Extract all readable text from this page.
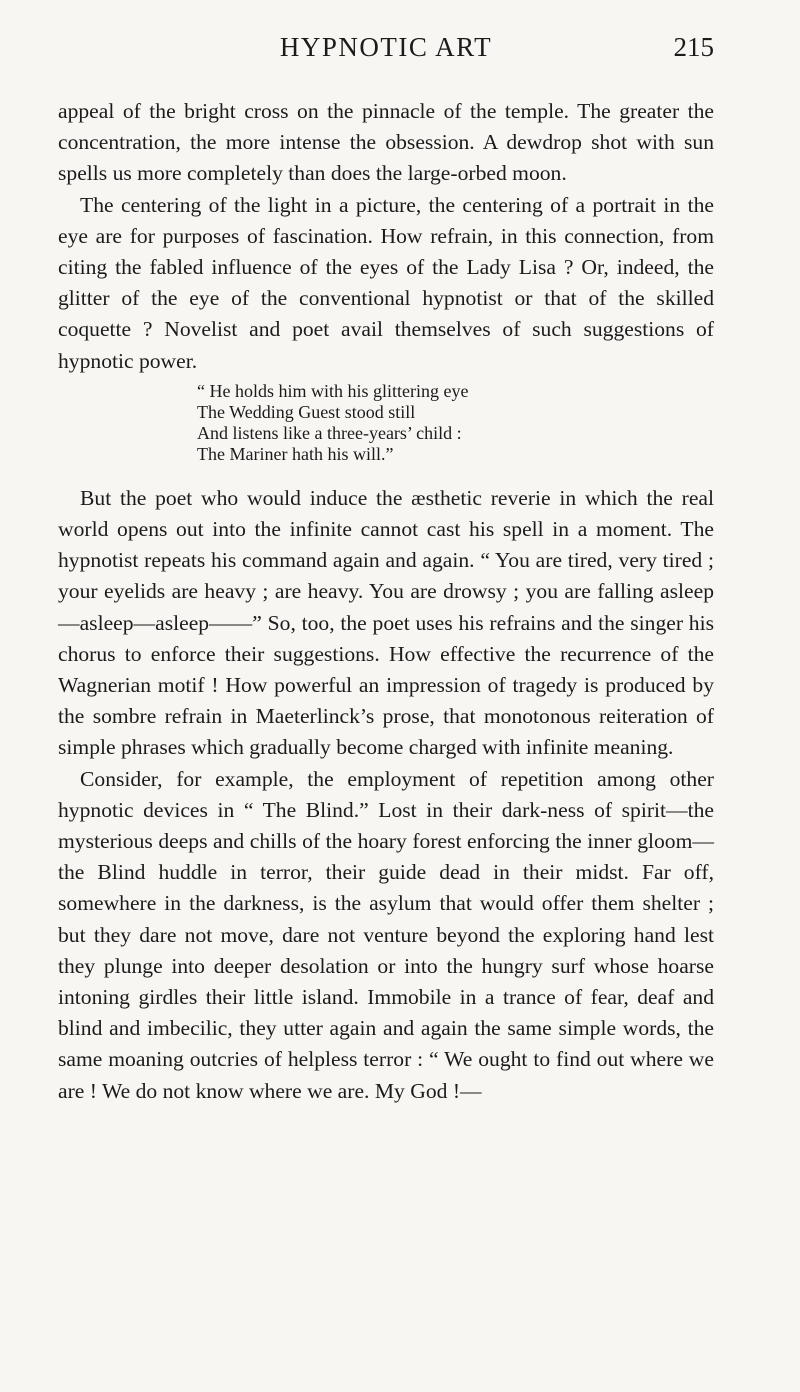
HYPNOTIC ART	215

appeal of the bright cross on the pinnacle of the temple. The greater the concentration, the more intense the obsession. A dewdrop shot with sun spells us more completely than does the large-orbed moon.

The centering of the light in a picture, the centering of a portrait in the eye are for purposes of fascination. How refrain, in this connection, from citing the fabled influence of the eyes of the Lady Lisa ? Or, indeed, the glitter of the eye of the conventional hypnotist or that of the skilled coquette ? Novelist and poet avail themselves of such suggestions of hypnotic power.

“ He holds him with his glittering eye
The Wedding Guest stood still
And listens like a three-years’ child :
The Mariner hath his will.”

But the poet who would induce the æsthetic reverie in which the real world opens out into the infinite cannot cast his spell in a moment. The hypnotist repeats his command again and again. “ You are tired, very tired ; your eyelids are heavy ; are heavy. You are drowsy ; you are falling asleep—asleep—asleep——” So, too, the poet uses his refrains and the singer his chorus to enforce their suggestions. How effective the recurrence of the Wagnerian motif ! How powerful an impression of tragedy is produced by the sombre refrain in Maeterlinck’s prose, that monotonous reiteration of simple phrases which gradually become charged with infinite meaning.

Consider, for example, the employment of repetition among other hypnotic devices in “ The Blind.” Lost in their dark-ness of spirit—the mysterious deeps and chills of the hoary forest enforcing the inner gloom—the Blind huddle in terror, their guide dead in their midst. Far off, somewhere in the darkness, is the asylum that would offer them shelter ; but they dare not move, dare not venture beyond the exploring hand lest they plunge into deeper desolation or into the hungry surf whose hoarse intoning girdles their little island. Immobile in a trance of fear, deaf and blind and imbecilic, they utter again and again the same simple words, the same moaning outcries of helpless terror : “ We ought to find out where we are ! We do not know where we are. My God !—
